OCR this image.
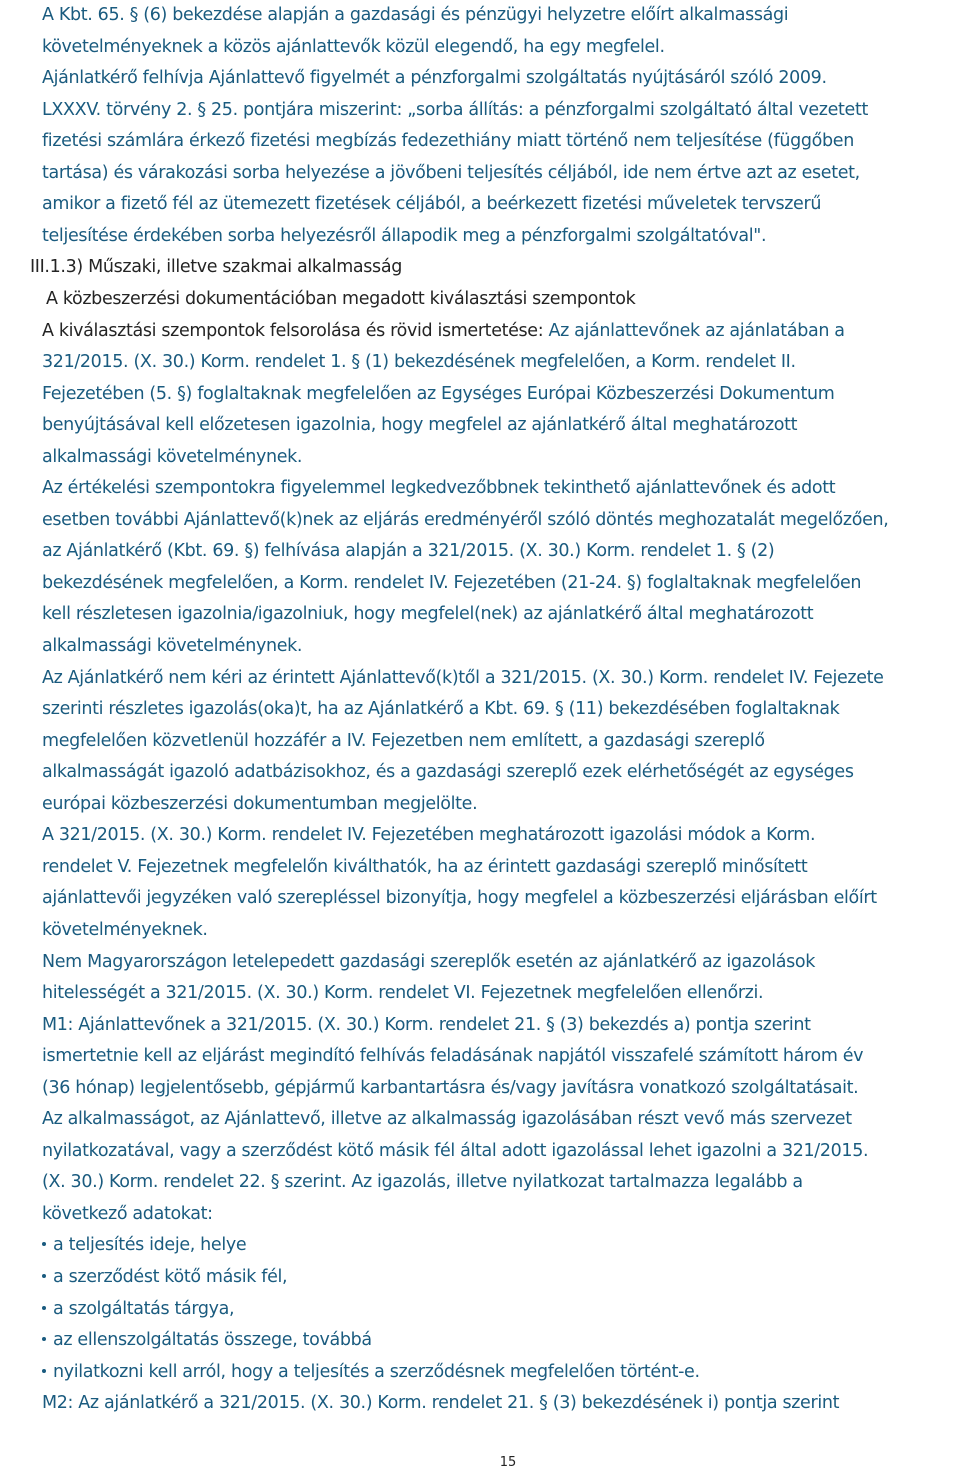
A Kbt. 65. § (6) bekezdése alapján a gazdasági és pénzügyi helyzetre előírt alkalmassági
követelményeknek a közös ajánlattevők közül elegendő, ha egy megfelel.
Ajánlatkérő felhívja Ajánlattevő figyelmét a pénzforgalmi szolgáltatás nyújtásáról szóló 2009.
LXXXV. törvény 2. § 25. pontjára miszerint: „sorba állítás: a pénzforgalmi szolgáltató által vezetett
fizetési számlára érkező fizetési megbízás fedezethiány miatt történő nem teljesítése (függőben
tartása) és várakozási sorba helyezése a jövőbeni teljesítés céljából, ide nem értve azt az esetet,
amikor a fizető fél az ütemezett fizetések céljából, a beérkezett fizetési műveletek tervszerű
teljesítése érdekében sorba helyezésről állapodik meg a pénzforgalmi szolgáltatóval".
III.1.3) Műszaki, illetve szakmai alkalmasság
A közbeszerzési dokumentációban megadott kiválasztási szempontok
A kiválasztási szempontok felsorolása és rövid ismertetése: Az ajánlattevőnek az ajánlatában a
321/2015. (X. 30.) Korm. rendelet 1. § (1) bekezdésének megfelelően, a Korm. rendelet II.
Fejezetében (5. §) foglaltaknak megfelelően az Egységes Európai Közbeszerzési Dokumentum
benyújtásával kell előzetesen igazolnia, hogy megfelel az ajánlatkérő által meghatározott
alkalmassági követelménynek.
Az értékelési szempontokra figyelemmel legkedvezőbbnek tekinthető ajánlattevőnek és adott
esetben további Ajánlattevő(k)nek az eljárás eredményéről szóló döntés meghozatalát megelőzően,
az Ajánlatkérő (Kbt. 69. §) felhívása alapján a 321/2015. (X. 30.) Korm. rendelet 1. § (2)
bekezdésének megfelelően, a Korm. rendelet IV. Fejezetében (21-24. §) foglaltaknak megfelelően
kell részletesen igazolnia/igazolniuk, hogy megfelel(nek) az ajánlatkérő által meghatározott
alkalmassági követelménynek.
Az Ajánlatkérő nem kéri az érintett Ajánlattevő(k)től a 321/2015. (X. 30.) Korm. rendelet IV. Fejezete
szerinti részletes igazolás(oka)t, ha az Ajánlatkérő a Kbt. 69. § (11) bekezdésében foglaltaknak
megfelelően közvetlenül hozzáfér a IV. Fejezetben nem említett, a gazdasági szereplő
alkalmasságát igazoló adatbázisokhoz, és a gazdasági szereplő ezek elérhetőségét az egységes
európai közbeszerzési dokumentumban megjelölte.
A 321/2015. (X. 30.) Korm. rendelet IV. Fejezetében meghatározott igazolási módok a Korm.
rendelet V. Fejezetnek megfelelőn kiválthatók, ha az érintett gazdasági szereplő minősített
ajánlattevői jegyzéken való szerepléssel bizonyítja, hogy megfelel a közbeszerzési eljárásban előírt
követelményeknek.
Nem Magyarországon letelepedett gazdasági szereplők esetén az ajánlatkérő az igazolások
hitelességét a 321/2015. (X. 30.) Korm. rendelet VI. Fejezetnek megfelelően ellenőrzi.
M1: Ajánlattevőnek a 321/2015. (X. 30.) Korm. rendelet 21. § (3) bekezdés a) pontja szerint
ismertetnie kell az eljárást megindító felhívás feladásának napjától visszafelé számított három év
(36 hónap) legjelentősebb, gépjármű karbantartásra és/vagy javításra vonatkozó szolgáltatásait.
Az alkalmasságot, az Ajánlattevő, illetve az alkalmasság igazolásában részt vevő más szervezet
nyilatkozatával, vagy a szerződést kötő másik fél által adott igazolással lehet igazolni a 321/2015.
(X. 30.) Korm. rendelet 22. § szerint. Az igazolás, illetve nyilatkozat tartalmazza legalább a
következő adatokat:
a teljesítés ideje, helye
a szerződést kötő másik fél,
a szolgáltatás tárgya,
az ellenszolgáltatás összege, továbbá
nyilatkozni kell arról, hogy a teljesítés a szerződésnek megfelelően történt-e.
M2: Az ajánlatkérő a 321/2015. (X. 30.) Korm. rendelet 21. § (3) bekezdésének i) pontja szerint
15
